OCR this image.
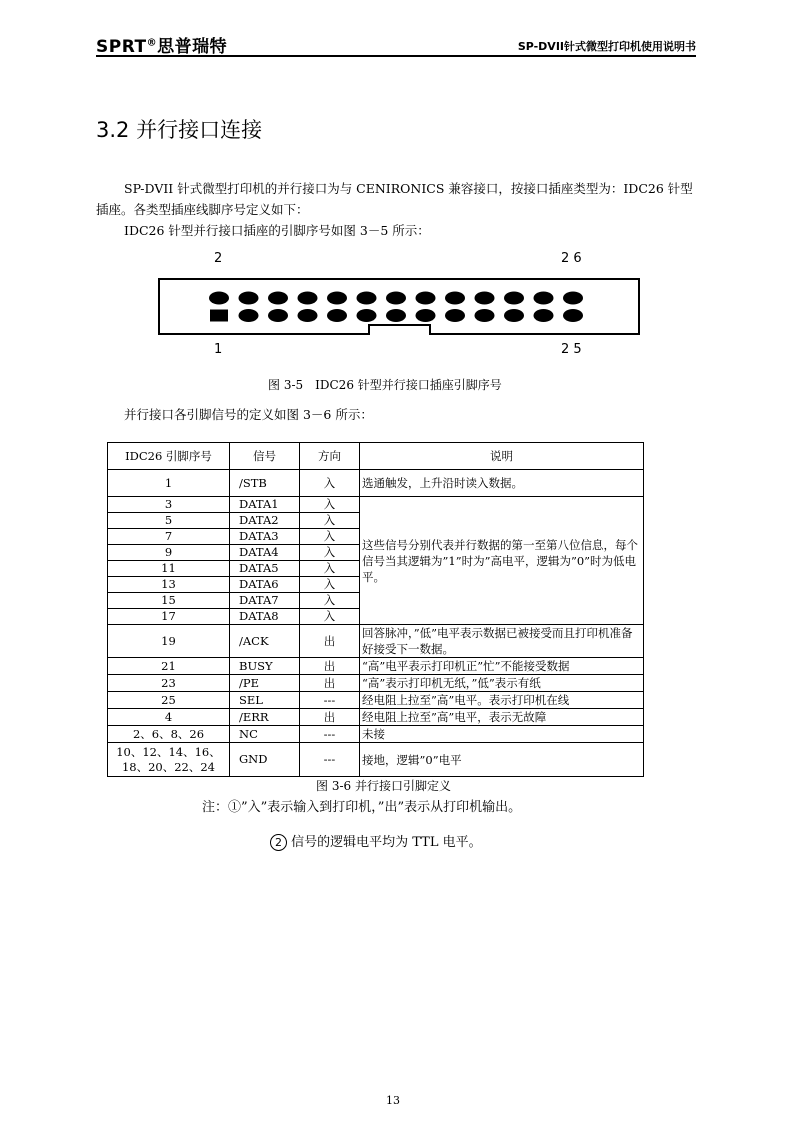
SPRT®思普瑞特	SP-DVII针式微型打印机使用说明书
3.2 并行接口连接
SP-DVII 针式微型打印机的并行接口为与 CENIRONICS 兼容接口，按接口插座类型为：IDC26 针型
插座。各类型插座线脚序号定义如下：
IDC26 针型并行接口插座的引脚序号如图 3－5 所示：
2	2 6
1	2 5
图 3-5　IDC26 针型并行接口插座引脚序号
并行接口各引脚信号的定义如图 3－6 所示：
IDC26 引脚序号	信号	方向	说明
1	/STB	入	选通触发，上升沿时读入数据。
3	DATA1	入	这些信号分别代表并行数据的第一至第八位信息，每个信号当其逻辑为”1”时为”高电平，逻辑为”0”时为低电平。
5	DATA2	入	
7	DATA3	入	
9	DATA4	入	
11	DATA5	入	
13	DATA6	入	
15	DATA7	入	
17	DATA8	入	
19	/ACK	出	回答脉冲，”低”电平表示数据已被接受而且打印机准备好接受下一数据。
21	BUSY	出	“高”电平表示打印机正”忙”不能接受数据
23	/PE	出	“高”表示打印机无纸，”低”表示有纸
25	SEL	---	经电阻上拉至”高”电平。表示打印机在线
4	/ERR	出	经电阻上拉至”高”电平，表示无故障
2、6、8、26	NC	---	未接
10、12、14、16、18、20、22、24	GND	---	接地，逻辑”0”电平
图 3-6 并行接口引脚定义
注：①”入”表示输入到打印机，”出”表示从打印机输出。
2 信号的逻辑电平均为 TTL 电平。
13
